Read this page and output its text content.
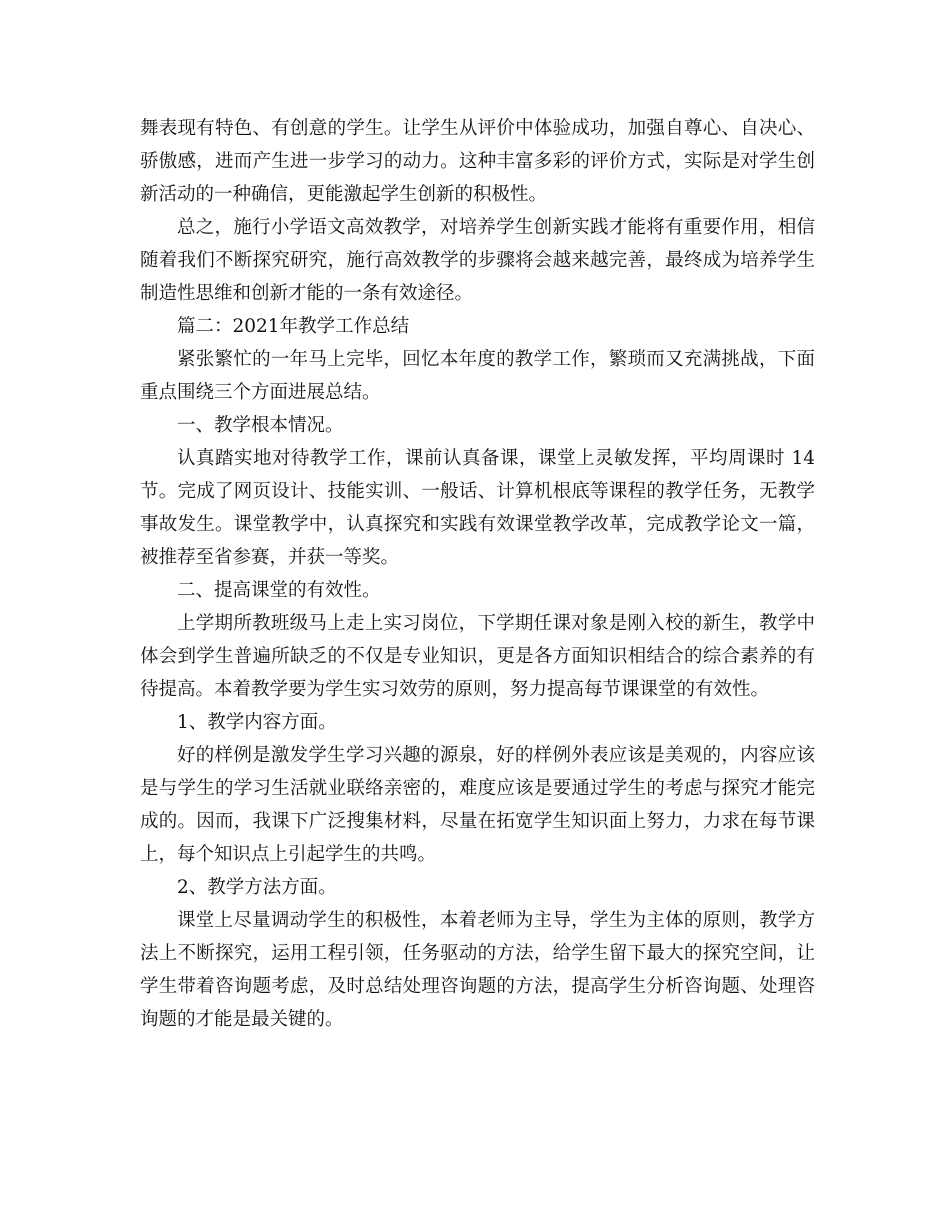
舞表现有特色、有创意的学生。让学生从评价中体验成功，加强自尊心、自决心、骄傲感，进而产生进一步学习的动力。这种丰富多彩的评价方式，实际是对学生创新活动的一种确信，更能激起学生创新的积极性。

总之，施行小学语文高效教学，对培养学生创新实践才能将有重要作用，相信随着我们不断探究研究，施行高效教学的步骤将会越来越完善，最终成为培养学生制造性思维和创新才能的一条有效途径。

篇二：2021年教学工作总结

紧张繁忙的一年马上完毕，回忆本年度的教学工作，繁琐而又充满挑战，下面重点围绕三个方面进展总结。

一、教学根本情况。

认真踏实地对待教学工作，课前认真备课，课堂上灵敏发挥，平均周课时 14 节。完成了网页设计、技能实训、一般话、计算机根底等课程的教学任务，无教学事故发生。课堂教学中，认真探究和实践有效课堂教学改革，完成教学论文一篇，被推荐至省参赛，并获一等奖。

二、提高课堂的有效性。

上学期所教班级马上走上实习岗位，下学期任课对象是刚入校的新生，教学中体会到学生普遍所缺乏的不仅是专业知识，更是各方面知识相结合的综合素养的有待提高。本着教学要为学生实习效劳的原则，努力提高每节课课堂的有效性。

1、教学内容方面。

好的样例是激发学生学习兴趣的源泉，好的样例外表应该是美观的，内容应该是与学生的学习生活就业联络亲密的，难度应该是要通过学生的考虑与探究才能完成的。因而，我课下广泛搜集材料，尽量在拓宽学生知识面上努力，力求在每节课上，每个知识点上引起学生的共鸣。

2、教学方法方面。

课堂上尽量调动学生的积极性，本着老师为主导，学生为主体的原则，教学方法上不断探究，运用工程引领，任务驱动的方法，给学生留下最大的探究空间，让学生带着咨询题考虑，及时总结处理咨询题的方法，提高学生分析咨询题、处理咨询题的才能是最关键的。
